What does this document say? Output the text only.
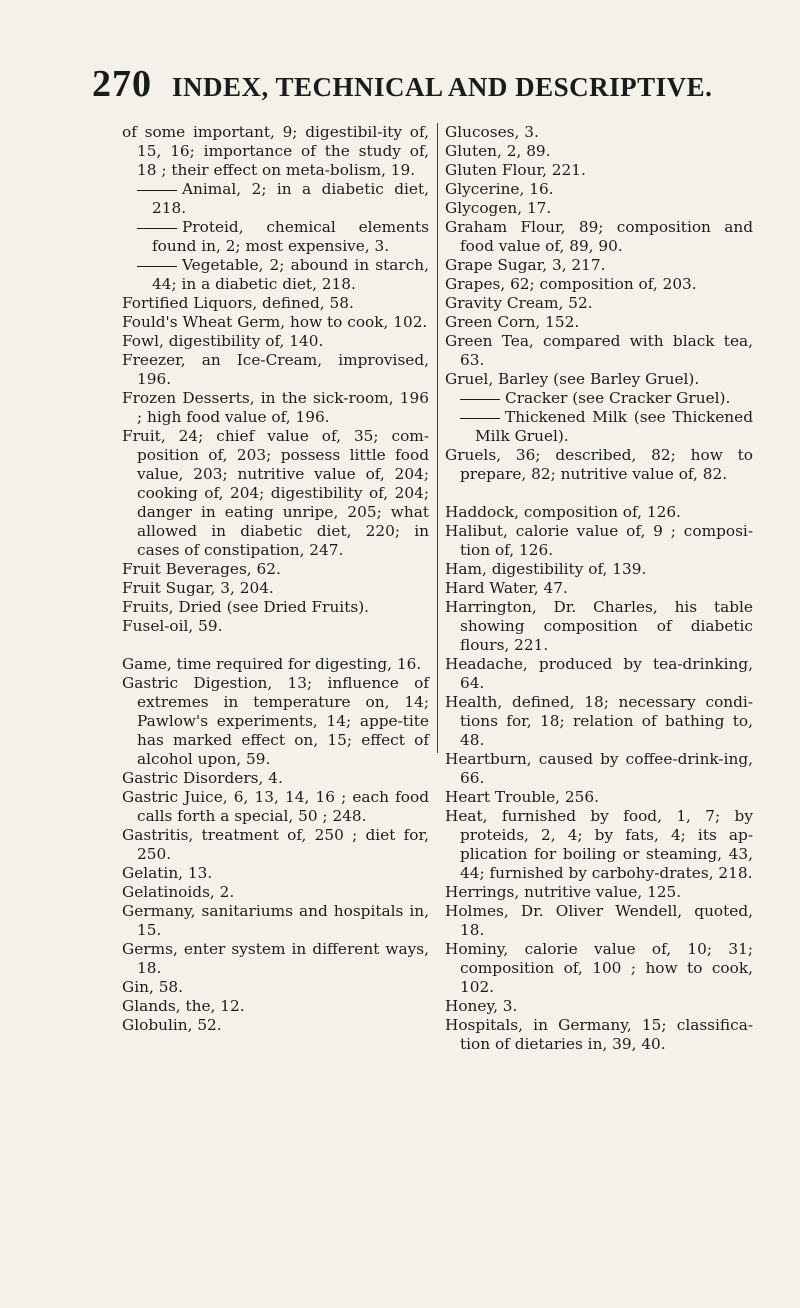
270 INDEX, TECHNICAL AND DESCRIPTIVE.

of some important, 9; digestibil-ity of, 15, 16; importance of the study of, 18 ; their effect on meta-bolism, 19.

Animal, 2; in a diabetic diet, 218.

Proteid, chemical elements found in, 2; most expensive, 3.

Vegetable, 2; abound in starch, 44; in a diabetic diet, 218.

Fortified Liquors, defined, 58.

Fould's Wheat Germ, how to cook, 102.

Fowl, digestibility of, 140.

Freezer, an Ice-Cream, improvised, 196.

Frozen Desserts, in the sick-room, 196 ; high food value of, 196.

Fruit, 24; chief value of, 35; com-position of, 203; possess little food value, 203; nutritive value of, 204; cooking of, 204; digestibility of, 204; danger in eating unripe, 205; what allowed in diabetic diet, 220; in cases of constipation, 247.

Fruit Beverages, 62.

Fruit Sugar, 3, 204.

Fruits, Dried (see Dried Fruits).

Fusel-oil, 59.

Game, time required for digesting, 16.

Gastric Digestion, 13; influence of extremes in temperature on, 14; Pawlow's experiments, 14; appe-tite has marked effect on, 15; effect of alcohol upon, 59.

Gastric Disorders, 4.

Gastric Juice, 6, 13, 14, 16 ; each food calls forth a special, 50 ; 248.

Gastritis, treatment of, 250 ; diet for, 250.

Gelatin, 13.

Gelatinoids, 2.

Germany, sanitariums and hospitals in, 15.

Germs, enter system in different ways, 18.

Gin, 58.

Glands, the, 12.

Globulin, 52.

Glucoses, 3.

Gluten, 2, 89.

Gluten Flour, 221.

Glycerine, 16.

Glycogen, 17.

Graham Flour, 89; composition and food value of, 89, 90.

Grape Sugar, 3, 217.

Grapes, 62; composition of, 203.

Gravity Cream, 52.

Green Corn, 152.

Green Tea, compared with black tea, 63.

Gruel, Barley (see Barley Gruel).

Cracker (see Cracker Gruel).

Thickened Milk (see Thickened Milk Gruel).

Gruels, 36; described, 82; how to prepare, 82; nutritive value of, 82.

Haddock, composition of, 126.

Halibut, calorie value of, 9 ; composi-tion of, 126.

Ham, digestibility of, 139.

Hard Water, 47.

Harrington, Dr. Charles, his table showing composition of diabetic flours, 221.

Headache, produced by tea-drinking, 64.

Health, defined, 18; necessary condi-tions for, 18; relation of bathing to, 48.

Heartburn, caused by coffee-drink-ing, 66.

Heart Trouble, 256.

Heat, furnished by food, 1, 7; by proteids, 2, 4; by fats, 4; its ap-plication for boiling or steaming, 43, 44; furnished by carbohy-drates, 218.

Herrings, nutritive value, 125.

Holmes, Dr. Oliver Wendell, quoted, 18.

Hominy, calorie value of, 10; 31; composition of, 100 ; how to cook, 102.

Honey, 3.

Hospitals, in Germany, 15; classifica-tion of dietaries in, 39, 40.
